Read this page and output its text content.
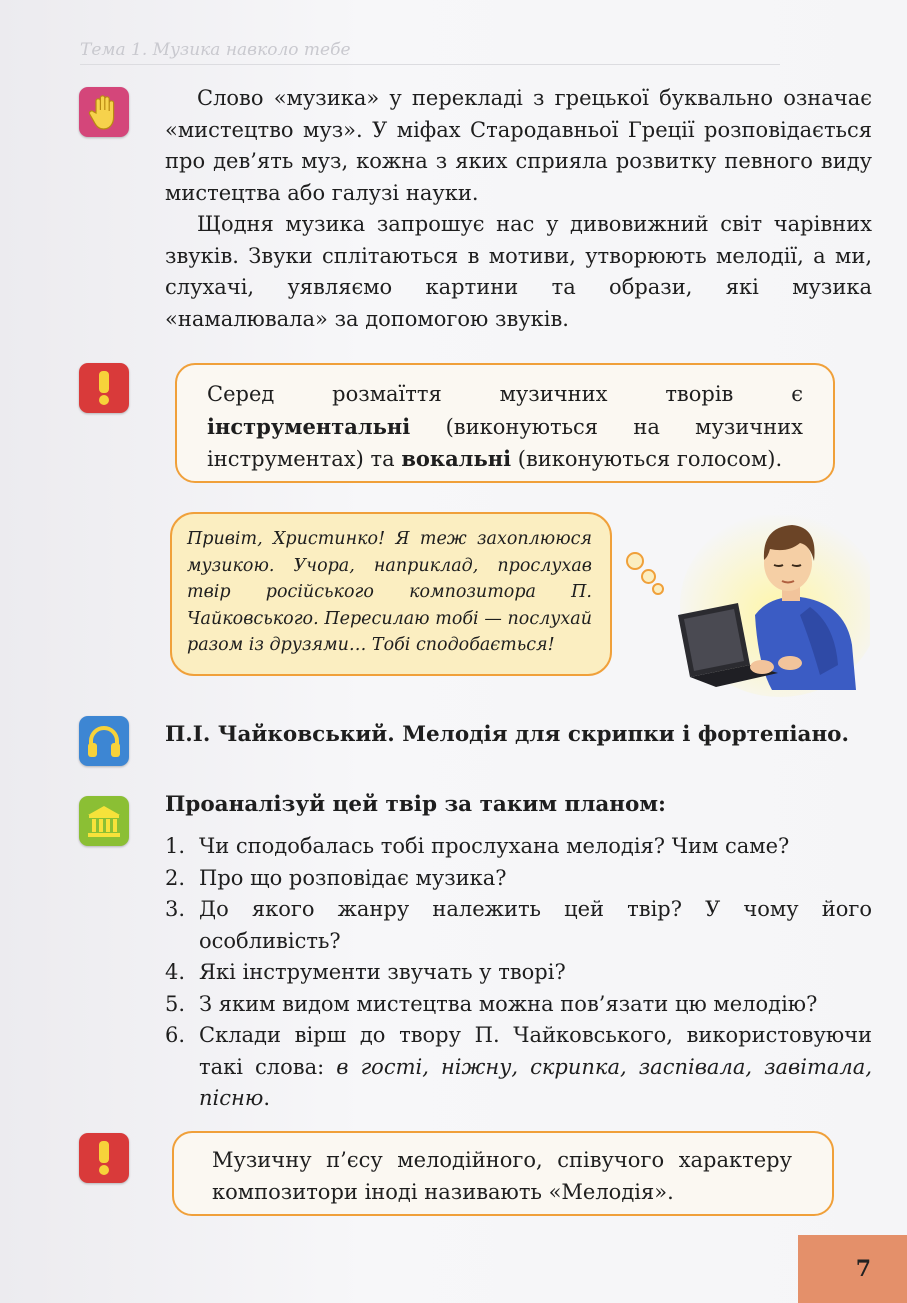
Тема 1. Музика навколо тебе

Слово «музика» у перекладі з грецької буквально означає «мистецтво муз». У міфах Стародавньої Греції розповідається про дев’ять муз, кожна з яких сприяла розвитку певного виду мистецтва або галузі науки.

Щодня музика запрошує нас у дивовижний світ чарівних звуків. Звуки сплітаються в мотиви, утворюють мелодії, а ми, слухачі, уявляємо картини та образи, які музика «намалювала» за допомогою звуків.

Серед розмаїття музичних творів є інструментальні (виконуються на музичних інструментах) та вокальні (виконуються голосом).
Привіт, Христинко! Я теж захоплююся музикою. Учора, наприклад, прослухав твір російського композитора П. Чайковського. Пересилаю тобі — послухай разом із друзями… Тобі сподобається!
П.І. Чайковський. Мелодія для скрипки і фортепіано.
Проаналізуй цей твір за таким планом:
1. Чи сподобалась тобі прослухана мелодія? Чим саме?
2. Про що розповідає музика?
3. До якого жанру належить цей твір? У чому його особливість?
4. Які інструменти звучать у творі?
5. З яким видом мистецтва можна пов’язати цю мелодію?
6. Склади вірш до твору П. Чайковського, використовуючи такі слова: в гості, ніжну, скрипка, заспівала, завітала, пісню.
Музичну п’єсу мелодійного, співучого характеру композитори іноді називають «Мелодія».
7
